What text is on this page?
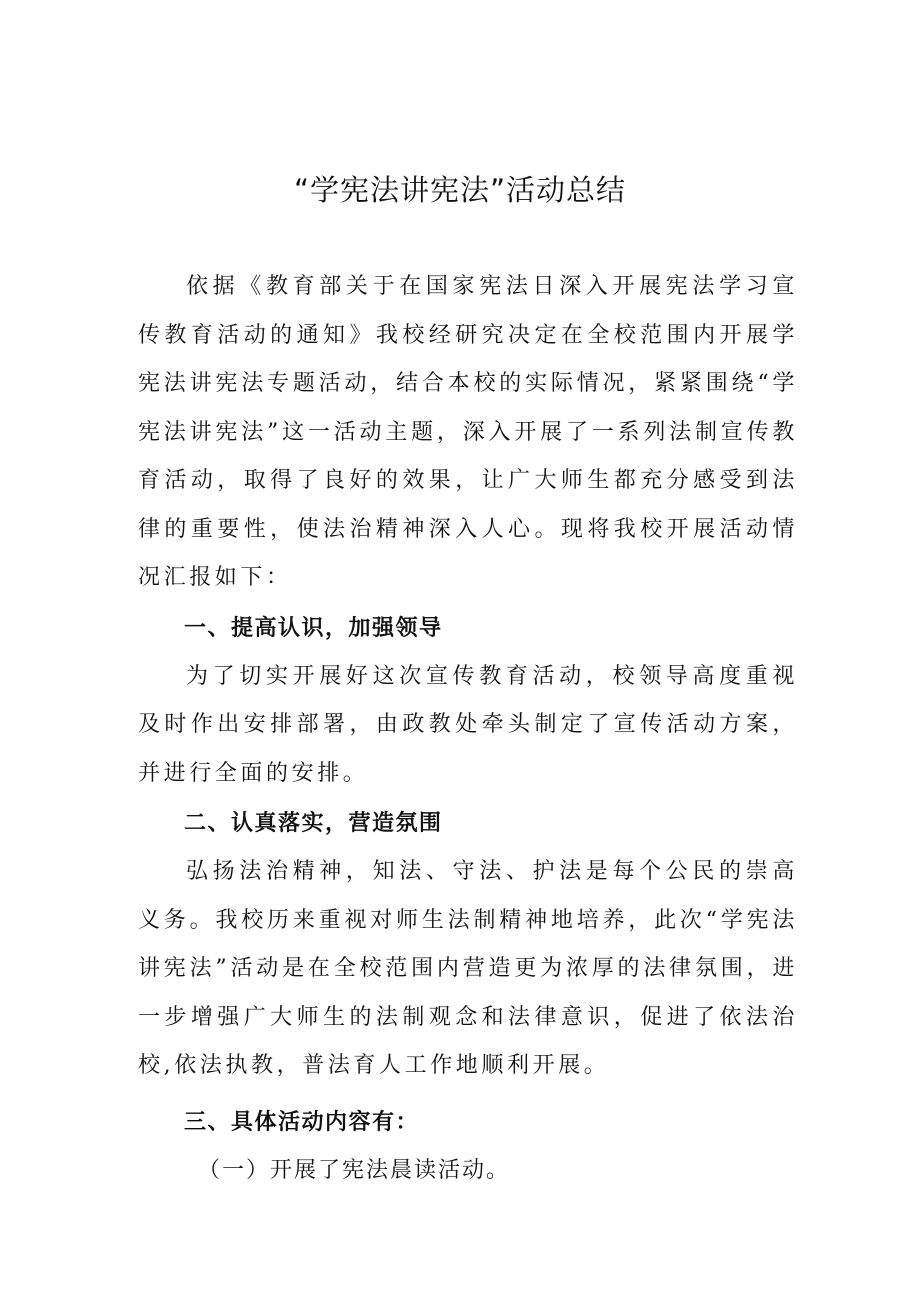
“学宪法讲宪法”活动总结

依据《教育部关于在国家宪法日深入开展宪法学习宣传教育活动的通知》我校经研究决定在全校范围内开展学宪法讲宪法专题活动，结合本校的实际情况，紧紧围绕“学宪法讲宪法”这一活动主题，深入开展了一系列法制宣传教育活动，取得了良好的效果，让广大师生都充分感受到法律的重要性，使法治精神深入人心。现将我校开展活动情况汇报如下：

一、提高认识，加强领导

为了切实开展好这次宣传教育活动，校领导高度重视及时作出安排部署，由政教处牵头制定了宣传活动方案，并进行全面的安排。

二、认真落实，营造氛围

弘扬法治精神，知法、守法、护法是每个公民的崇高义务。我校历来重视对师生法制精神地培养，此次“学宪法讲宪法”活动是在全校范围内营造更为浓厚的法律氛围，进一步增强广大师生的法制观念和法律意识，促进了依法治校,依法执教，普法育人工作地顺利开展。

三、具体活动内容有：

（一）开展了宪法晨读活动。
